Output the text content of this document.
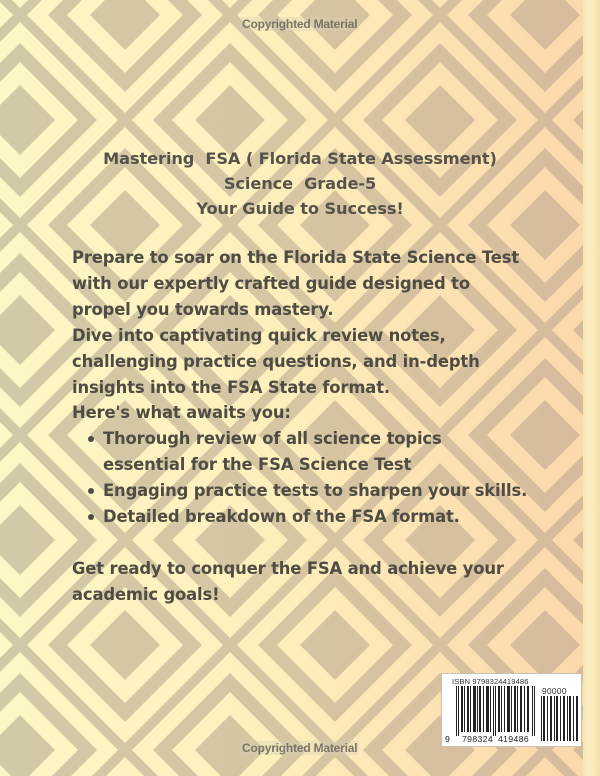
Copyrighted Material
Mastering  FSA ( Florida State Assessment)
Science  Grade-5
Your Guide to Success!
Prepare to soar on the Florida State Science Test
with our expertly crafted guide designed to
propel you towards mastery.
Dive into captivating quick review notes,
challenging practice questions, and in-depth
insights into the FSA State format.
Here's what awaits you:
Thorough review of all science topics
essential for the FSA Science Test
Engaging practice tests to sharpen your skills.
Detailed breakdown of the FSA format.
Get ready to conquer the FSA and achieve your
academic goals!
ISBN 9798324419486
90000
9 798324 419486
Copyrighted Material
